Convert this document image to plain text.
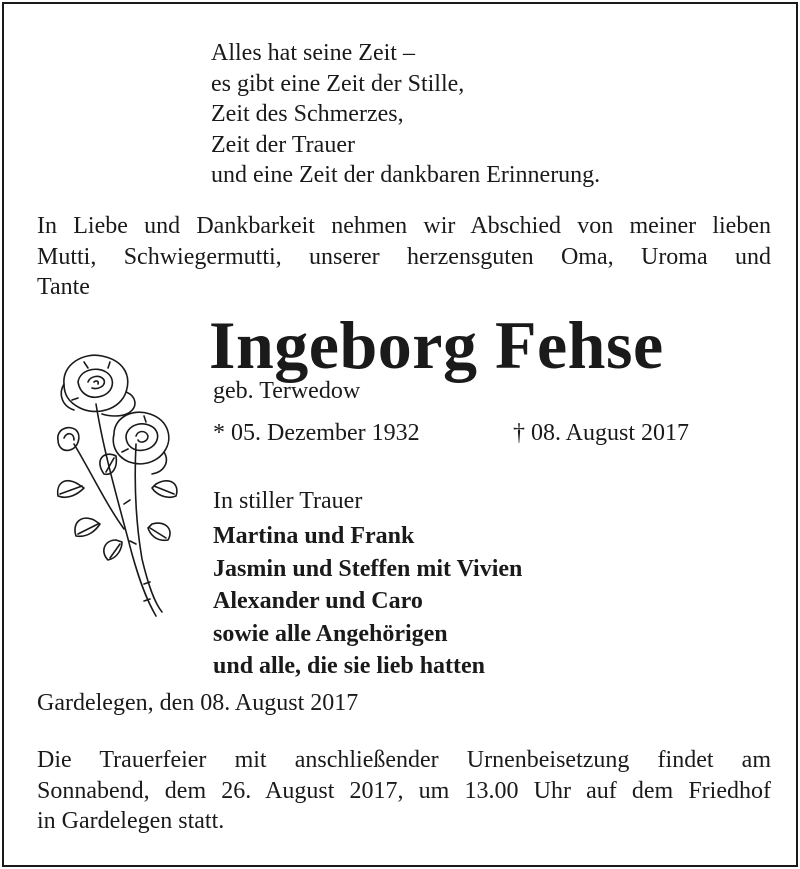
Alles hat seine Zeit –
es gibt eine Zeit der Stille,
Zeit des Schmerzes,
Zeit der Trauer
und eine Zeit der dankbaren Erinnerung.
In Liebe und Dankbarkeit nehmen wir Abschied von meiner lieben
Mutti, Schwiegermutti, unserer herzensguten Oma, Uroma und
Tante
Ingeborg Fehse
geb. Terwedow
* 05. Dezember 1932	† 08. August 2017
In stiller Trauer
Martina und Frank
Jasmin und Steffen mit Vivien
Alexander und Caro
sowie alle Angehörigen
und alle, die sie lieb hatten
Gardelegen, den 08. August 2017
Die Trauerfeier mit anschließender Urnenbeisetzung findet am
Sonnabend, dem 26. August 2017, um 13.00 Uhr auf dem Friedhof
in Gardelegen statt.
